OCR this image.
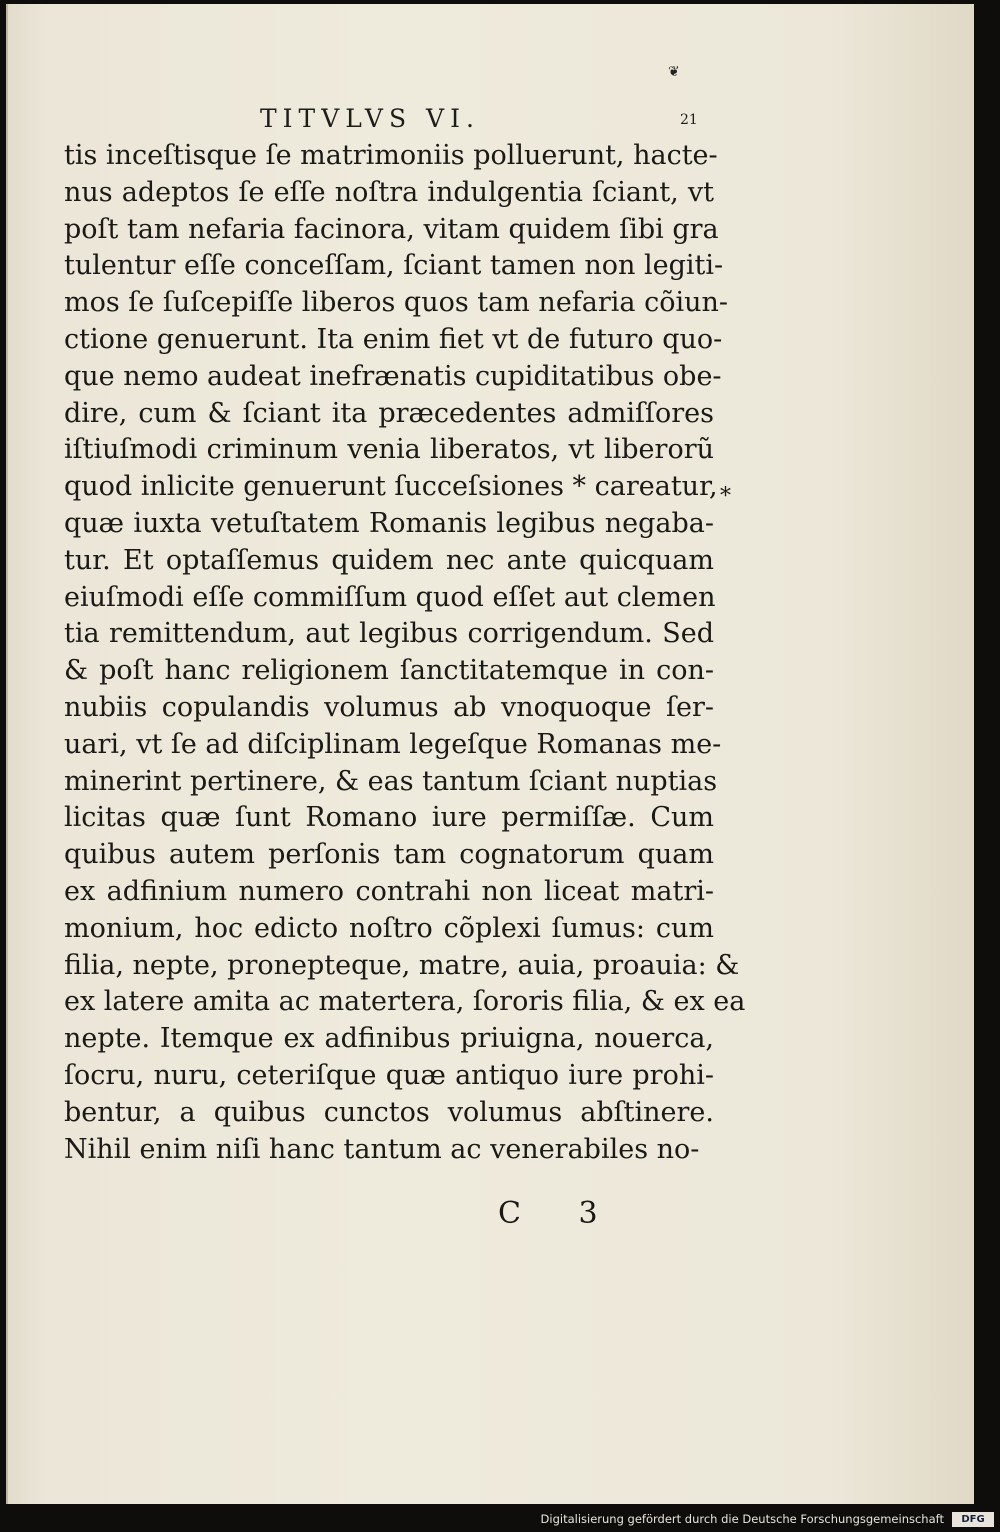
❦
TITVLVS VI.	21
tis inceſtisque ſe matrimoniis polluerunt, hacte-
nus adeptos ſe eſſe noſtra indulgentia ſciant, vt
poſt tam nefaria facinora, vitam quidem ſibi gra
tulentur eſſe conceſſam, ſciant tamen non legiti-
mos ſe ſuſcepiſſe liberos quos tam nefaria cõiun-
ctione genuerunt. Ita enim fiet vt de futuro quo-
que nemo audeat inefrænatis cupiditatibus obe-
dire, cum & ſciant ita præcedentes admiſſores
iſtiuſmodi criminum venia liberatos, vt liberorũ
quod inlicite genuerunt ſucceſsiones * careatur,
quæ iuxta vetuſtatem Romanis legibus negaba-
tur. Et optaſſemus quidem nec ante quicquam
eiuſmodi eſſe commiſſum quod eſſet aut clemen
tia remittendum, aut legibus corrigendum. Sed
& poſt hanc religionem ſanctitatemque in con-
nubiis copulandis volumus ab vnoquoque ſer-
uari, vt ſe ad diſciplinam legeſque Romanas me-
minerint pertinere, & eas tantum ſciant nuptias
licitas quæ ſunt Romano iure permiſſæ. Cum
quibus autem perſonis tam cognatorum quam
ex adfinium numero contrahi non liceat matri-
monium, hoc edicto noſtro cõplexi ſumus: cum
filia, nepte, pronepteque, matre, auia, proauia: &
ex latere amita ac matertera, ſororis filia, & ex ea
nepte. Itemque ex adfinibus priuigna, nouerca,
ſocru, nuru, ceteriſque quæ antiquo iure prohi-
bentur, a quibus cunctos volumus abſtinere.
Nihil enim niſi hanc tantum ac venerabiles no-
*
C 3
Digitalisierung gefördert durch die Deutsche Forschungsgemeinschaft	DFG
